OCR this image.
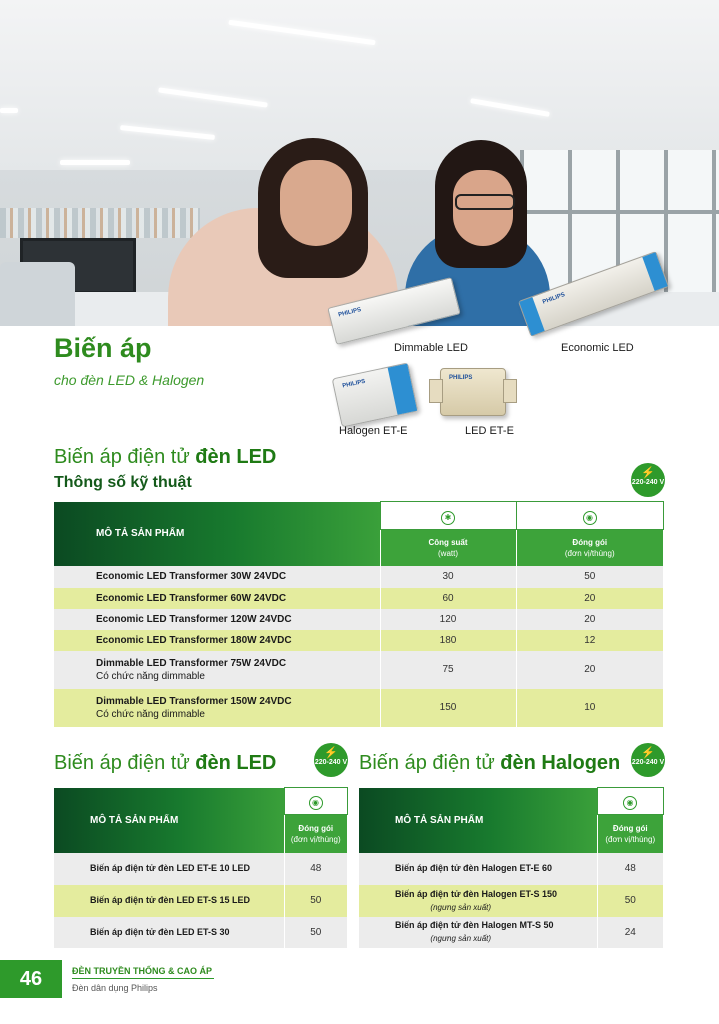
PHILIPS
PHILIPS
PHILIPS
PHILIPS
Dimmable LED	Economic LED
Halogen ET-E	LED ET-E
Biến áp
cho đèn LED & Halogen
Biến áp điện tử đèn LED
Thông số kỹ thuật
⚡
220-240 V
MÔ TẢ SẢN PHẨM	✱	◉

	Công suất
(watt)	Đóng gói
(đơn vị/thùng)
Economic LED Transformer 30W 24VDC	30	50
Economic LED Transformer 60W 24VDC	60	20
Economic LED Transformer 120W 24VDC	120	20
Economic LED Transformer 180W 24VDC	180	12

Dimmable LED Transformer 75W 24VDC
Có chức năng dimmable	75	20

Dimmable LED Transformer 150W 24VDC
Có chức năng dimmable	150	10
Biến áp điện tử đèn LED	⚡
220-240 V
MÔ TẢ SẢN PHẨM	◉

	Đóng gói
(đơn vị/thùng)
Biến áp điện tử đèn LED ET-E 10 LED	48
Biến áp điện tử đèn LED ET-S 15 LED	50
Biến áp điện tử đèn LED ET-S 30	50
Biến áp điện tử đèn Halogen	⚡
220-240 V
MÔ TẢ SẢN PHẨM	◉

	Đóng gói
(đơn vị/thùng)
Biến áp điện tử đèn Halogen ET-E 60	48

Biến áp điện tử đèn Halogen ET-S 150
(ngưng sản xuất)	50

Biến áp điện tử đèn Halogen MT-S 50
(ngưng sản xuất)	24
46	ĐÈN TRUYỀN THỐNG & CAO ÁP
Đèn dân dụng Philips
